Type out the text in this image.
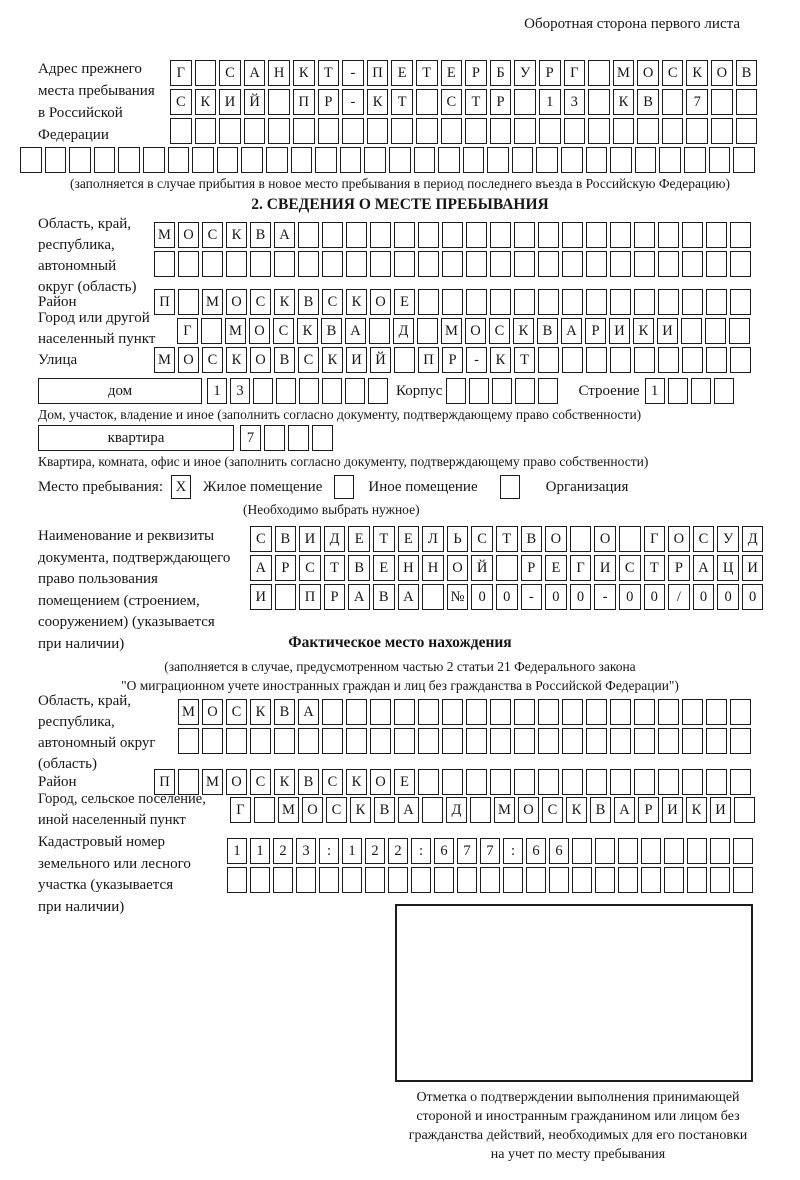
Оборотная сторона первого листа
Адрес прежнего
места пребывания
в Российской
Федерации
Г	С	А Н	К	Т	-	П	Е	Т	Е	Р	Б	У	Р	Г	М О	С	К	О	В
С	К	И Й	П	Р	-	К	Т	С	Т	Р	1	3	К	В	7
(заполняется в случае прибытия в новое место пребывания в период последнего въезда в Российскую Федерацию)
2. СВЕДЕНИЯ О МЕСТЕ ПРЕБЫВАНИЯ
Область, край,
республика,
автономный
округ (область)
М О С К В А
Район	П	М О С К В С К О Е
Город или другой
населенный пункт	Г	М О С К В А	Д	М О С К В А	Р	И К И
Улица	М О С К О В С К И Й	П	Р	-	К	Т
дом	1	3	Корпус	Строение 1
Дом, участок, владение и иное (заполнить согласно документу, подтверждающему право собственности)
квартира	7
Квартира, комната, офис и иное (заполнить согласно документу, подтверждающему право собственности)
Место пребывания: X	Жилое помещение	Иное помещение	Организация
(Необходимо выбрать нужное)
Наименование и реквизиты
документа, подтверждающего
право пользования
помещением (строением,
сооружением) (указывается
при наличии)
С	В	И Д	Е	Т	Е	Л	Ь	С	Т	В	О	О	Г	О	С	У	Д
А	Р	С	Т	В	Е	Н Н О Й	Р	Е	Г	И	С	Т	Р	А Ц И
И	П	Р	А	В	А	№ 0	0	-	0	0	-	0	0	/	0	0	0
Фактическое место нахождения
(заполняется в случае, предусмотренном частью 2 статьи 21 Федерального закона
"О миграционном учете иностранных граждан и лиц без гражданства в Российской Федерации")
Область, край,
республика,
автономный округ
(область)
М О С К В А
Район	П	М О С К В С К О Е
Город, сельское поселение,
иной населенный пункт
Г	М О С К В А	Д	М О С К В А	Р	И К И
Кадастровый номер
земельного или лесного
участка (указывается
при наличии)
1	1	2	3	:	1	2	2	:	6	7	7	:	6	6
Отметка о подтверждении выполнения принимающей
стороной и иностранным гражданином или лицом без
гражданства действий, необходимых для его постановки
на учет по месту пребывания
